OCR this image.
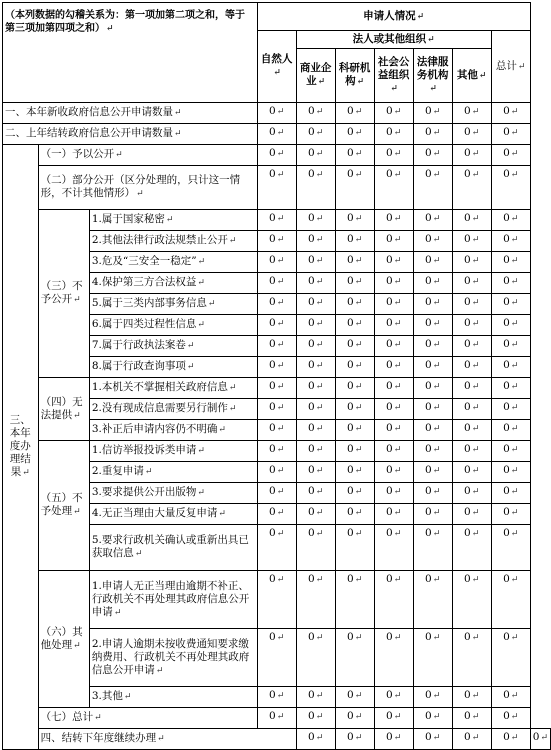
（本列数据的勾稽关系为：第一项加第二项之和，等于第三项加第四项之和）↵			申请人情况↵							
			自然人↵	法人或其他组织↵					总计↵	
				商业企业↵	科研机构↵	社会公益组织↵	法律服务机构↵	其他↵		

一、本年新收政府信息公开申请数量↵			0↵	0↵	0↵	0↵	0↵	0↵	0↵	
二、上年结转政府信息公开申请数量↵			0↵	0↵	0↵	0↵	0↵	0↵	0↵	
三、本年度办理结果↵	（一）予以公开↵		0↵	0↵	0↵	0↵	0↵	0↵	0↵	
	（二）部分公开（区分处理的，只计这一情形，不计其他情形）↵		0↵	0↵	0↵	0↵	0↵	0↵	0↵	
	（三）不予公开↵	1.属于国家秘密↵	0↵	0↵	0↵	0↵	0↵	0↵	0↵	
		2.其他法律行政法规禁止公开↵	0↵	0↵	0↵	0↵	0↵	0↵	0↵	
		3.危及“三安全一稳定”↵	0↵	0↵	0↵	0↵	0↵	0↵	0↵	
		4.保护第三方合法权益↵	0↵	0↵	0↵	0↵	0↵	0↵	0↵	
		5.属于三类内部事务信息↵	0↵	0↵	0↵	0↵	0↵	0↵	0↵	
		6.属于四类过程性信息↵	0↵	0↵	0↵	0↵	0↵	0↵	0↵	
		7.属于行政执法案卷↵	0↵	0↵	0↵	0↵	0↵	0↵	0↵	
		8.属于行政查询事项↵	0↵	0↵	0↵	0↵	0↵	0↵	0↵	
	（四）无法提供↵	1.本机关不掌握相关政府信息↵	0↵	0↵	0↵	0↵	0↵	0↵	0↵	
		2.没有现成信息需要另行制作↵	0↵	0↵	0↵	0↵	0↵	0↵	0↵	
		3.补正后申请内容仍不明确↵	0↵	0↵	0↵	0↵	0↵	0↵	0↵	
	（五）不予处理↵	1.信访举报投诉类申请↵	0↵	0↵	0↵	0↵	0↵	0↵	0↵	
		2.重复申请↵	0↵	0↵	0↵	0↵	0↵	0↵	0↵	
		3.要求提供公开出版物↵	0↵	0↵	0↵	0↵	0↵	0↵	0↵	
		4.无正当理由大量反复申请↵	0↵	0↵	0↵	0↵	0↵	0↵	0↵	
		5.要求行政机关确认或重新出具已获取信息↵	0↵	0↵	0↵	0↵	0↵	0↵	0↵	
	（六）其他处理↵	1.申请人无正当理由逾期不补正、行政机关不再处理其政府信息公开申请↵	0↵	0↵	0↵	0↵	0↵	0↵	0↵	
		2.申请人逾期未按收费通知要求缴纳费用、行政机关不再处理其政府信息公开申请↵	0↵	0↵	0↵	0↵	0↵	0↵	0↵	
		3.其他↵	0↵	0↵	0↵	0↵	0↵	0↵	0↵	
	（七）总计↵		0↵	0↵	0↵	0↵	0↵	0↵	0↵	
	四、结转下年度继续办理↵			0↵	0↵	0↵	0↵	0↵	0↵	0↵
